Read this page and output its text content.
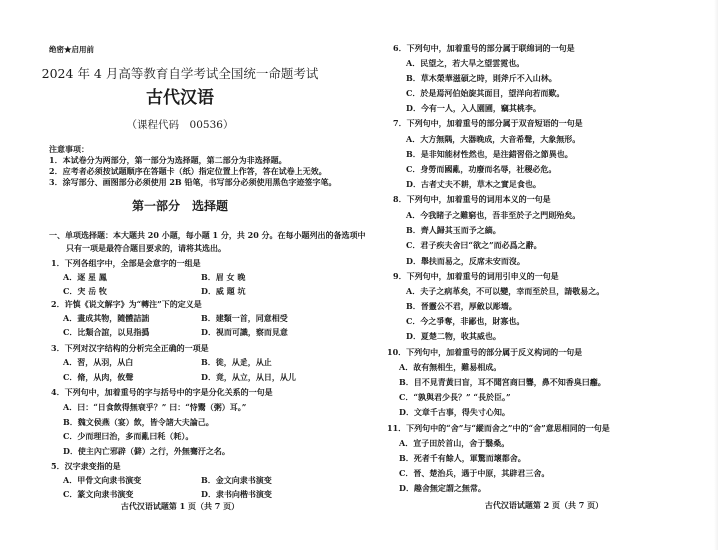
绝密★启用前
2024 年 4 月高等教育自学考试全国统一命题考试
古代汉语
（课程代码　00536）
注意事项：
1．本试卷分为两部分，第一部分为选择题，第二部分为非选择题。
2．应考者必须按试题顺序在答题卡（纸）指定位置上作答，答在试卷上无效。
3．涂写部分、画图部分必须使用 2B 铅笔，书写部分必须使用黑色字迹签字笔。
第一部分　选择题
一、单项选择题：本大题共 20 小题，每小题 1 分，共 20 分。在每小题列出的备选项中
只有一项是最符合题目要求的，请将其选出。
1．下列各组字中，全部是会意字的一组是
A．逐 星 鳳	B．眉 女 晚
C．宊 岳 牧	D．威 題 坑
2．许慎《说文解字》为“轉注”下的定义是
A．畫成其物，隨體詰詘	B．建類一首，同意相受
C．比類合誼，以見指撝	D．視而可識，察而見意
3．下列对汉字结构的分析完全正确的一项是
A．習，从羽，从白	B．徙，从辵，从止
C．脩，从肉，攸聲	D．竟，从立，从日，从儿
4．下列句中，加着重号的字与括号中的字是分化关系的一句是
A．曰：“日食飲得無衰乎？” 曰：“恃鬻（粥）耳。”
B．魏文侯燕（宴）飲，皆令諸大夫論己。
C．少而理曰治，多而亂曰秏（耗）。
D．使主內亡邪辟（僻）之行，外無騫汙之名。
5．汉字隶变指的是
A．甲骨文向隶书演变	B．金文向隶书演变
C．篆文向隶书演变	D．隶书向楷书演变
古代汉语试题第 1 页（共 7 页）
6．下列句中，加着重号的部分属于联绵词的一句是
A．民望之，若大旱之望雲霓也。
B．草木榮華滋碩之時，則斧斤不入山林。
C．於是焉河伯始旋其面目，望洋向若而歎。
D．今有一人，入人園圃，竊其桃李。
7．下列句中，加着重号的部分属于双音短语的一句是
A．大方無隅，大器晚成，大音希聲，大象無形。
B．是非知能材性然也，是注錯習俗之節異也。
C．身勞而國亂，功廢而名辱，社稷必危。
D．古者丈夫不耕，草木之實足食也。
8．下列句中，加着重号的词用本义的一句是
A．今我睹子之難窮也，吾非至於子之門則殆矣。
B．齊人歸其玉而予之縞。
C．君子疾夫舍曰“欲之”而必爲之辭。
D．舉扶而易之，反席未安而沒。
9．下列句中，加着重号的词用引申义的一句是
A．夫子之病革矣，不可以變，幸而至於旦，請敬易之。
B．晉靈公不君，厚斂以彫墻。
C．今之爭奪，非鄙也，財寡也。
D．夏楚二物，收其威也。
10．下列句中，加着重号的部分属于反义构词的一句是
A．故有無相生，難易相成。
B．目不見青黃曰盲，耳不聞宮商曰聾，鼻不知香臭曰癰。
C．“孰與君少長？” “長於臣。”
D．文章千古事，得失寸心知。
11．下列句中的“舍”与“縱而舍之”中的“舍”意思相同的一句是
A．宣子田於首山，舍于翳桑。
B．死者千有餘人，軍驚而壞都舍。
C．晉、楚治兵，遇于中原，其辟君三舍。
D．趣舍無定謂之無常。
古代汉语试题第 2 页（共 7 页）
